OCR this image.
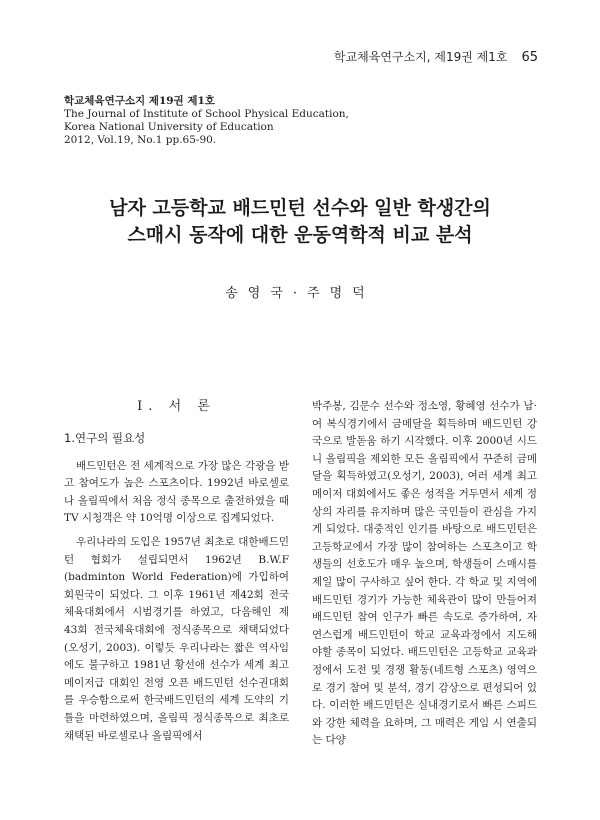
학교체육연구소지, 제19권 제1호 65
학교체육연구소지 제19권 제1호
The Journal of Institute of School Physical Education,
Korea National University of Education
2012, Vol.19, No.1 pp.65-90.
남자 고등학교 배드민턴 선수와 일반 학생간의
스매시 동작에 대한 운동역학적 비교 분석
송영국·주명덕
Ⅰ. 서 론
1.연구의 필요성

배드민턴은 전 세계적으로 가장 많은 각광을 받고 참여도가 높은 스포츠이다. 1992년 바로셀로나 올림픽에서 처음 정식 종목으로 출전하였을 때 TV 시청객은 약 10억명 이상으로 집계되었다.

우리나라의 도입은 1957년 최초로 대한배드민턴 협회가 설립되면서 1962년 B.W.F (badminton World Federation)에 가입하여 회원국이 되었다. 그 이후 1961년 제42회 전국체육대회에서 시범경기를 하였고, 다음해인 제 43회 전국체육대회에 정식종목으로 채택되었다(오성기, 2003). 이렇듯 우리나라는 짧은 역사임에도 불구하고 1981년 황선애 선수가 세계 최고 메이저급 대회인 전영 오픈 배드민턴 선수권대회를 우승함으로써 한국배드민턴의 세계 도약의 기틀을 마련하였으며, 올림픽 정식종목으로 최초로 채택된 바로셀로나 올림픽에서

박주봉, 김문수 선수와 정소영, 황혜영 선수가 남·여 복식경기에서 금메달을 획득하며 배드민턴 강국으로 발돋움 하기 시작했다. 이후 2000년 시드니 올림픽을 제외한 모든 올림픽에서 꾸준히 금메달을 획득하였고(오성기, 2003), 여러 세계 최고 메이저 대회에서도 좋은 성적을 거두면서 세계 정상의 자리를 유지하며 많은 국민들이 관심을 가지게 되었다. 대중적인 인기를 바탕으로 배드민턴은 고등학교에서 가장 많이 참여하는 스포츠이고 학생들의 선호도가 매우 높으며, 학생들이 스매시를 제일 많이 구사하고 싶어 한다. 각 학교 및 지역에 배드민턴 경기가 가능한 체육관이 많이 만들어져 배드민턴 참여 인구가 빠른 속도로 증가하여, 자연스럽게 배드민턴이 학교 교육과정에서 지도해야할 종목이 되었다. 배드민턴은 고등학교 교육과정에서 도전 및 경쟁 활동(네트형 스포츠) 영역으로 경기 참여 및 분석, 경기 감상으로 편성되어 있다. 이러한 배드민턴은 실내경기로서 빠른 스피드와 강한 체력을 요하며, 그 매력은 게임 시 연출되는 다양
